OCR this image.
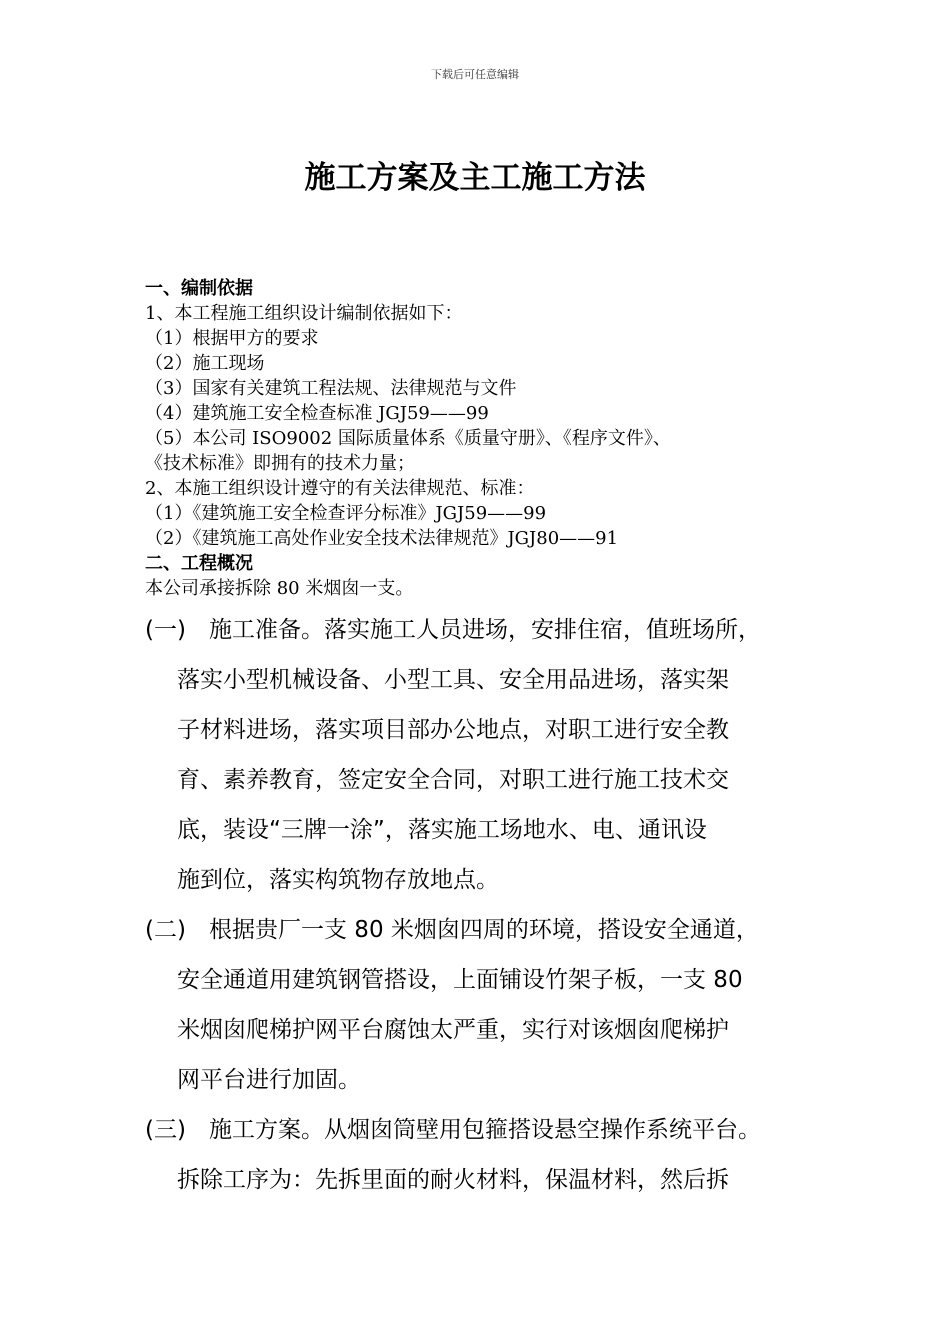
下载后可任意编辑
施工方案及主工施工方法
一、编制依据
1、本工程施工组织设计编制依据如下：
（1）根据甲方的要求
（2）施工现场
（3）国家有关建筑工程法规、法律规范与文件
（4）建筑施工安全检查标准 JGJ59——99
（5）本公司 ISO9002 国际质量体系《质量守册》、《程序文件》、
《技术标准》即拥有的技术力量；
2、本施工组织设计遵守的有关法律规范、标准：
（1）《建筑施工安全检查评分标准》JGJ59——99
（2）《建筑施工高处作业安全技术法律规范》JGJ80——91
二、工程概况
本公司承接拆除 80 米烟囱一支。
(一) 施工准备。落实施工人员进场，安排住宿，值班场所，
落实小型机械设备、小型工具、安全用品进场，落实架
子材料进场，落实项目部办公地点，对职工进行安全教
育、素养教育，签定安全合同，对职工进行施工技术交
底，装设“三牌一涂”，落实施工场地水、电、通讯设
施到位，落实构筑物存放地点。
(二) 根据贵厂一支 80 米烟囱四周的环境，搭设安全通道，
安全通道用建筑钢管搭设，上面铺设竹架子板，一支 80
米烟囱爬梯护网平台腐蚀太严重，实行对该烟囱爬梯护
网平台进行加固。
(三) 施工方案。从烟囱筒壁用包箍搭设悬空操作系统平台。
拆除工序为：先拆里面的耐火材料，保温材料，然后拆
